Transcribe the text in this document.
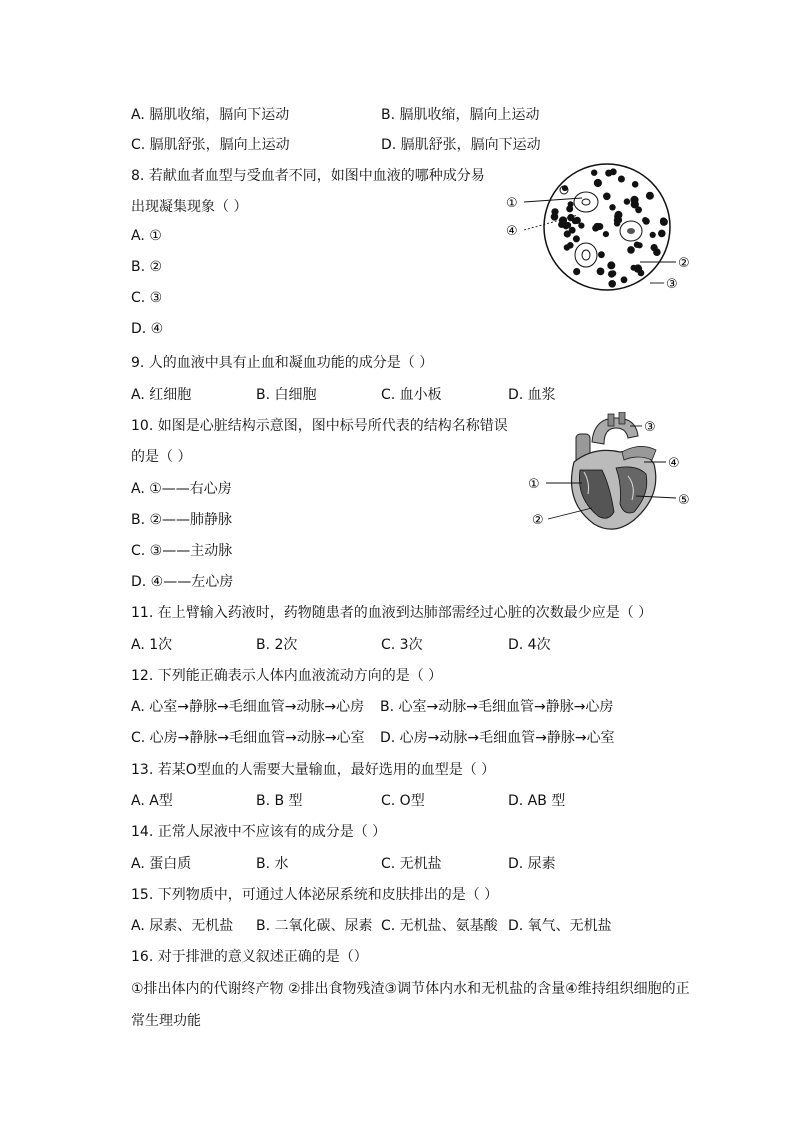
A. 膈肌收缩，膈向下运动	B. 膈肌收缩，膈向上运动
C. 膈肌舒张，膈向上运动	D. 膈肌舒张，膈向下运动
8. 若献血者血型与受血者不同，如图中血液的哪种成分易
出现凝集现象（ ）
A. ①
B. ②
C. ③
D. ④
①
④
②
③
9. 人的血液中具有止血和凝血功能的成分是（ ）
A. 红细胞	B. 白细胞	C. 血小板	D. 血浆
10. 如图是心脏结构示意图，图中标号所代表的结构名称错误
的是（ ）
A. ①——右心房
B. ②——肺静脉
C. ③——主动脉
D. ④——左心房
③
④
①
⑤
②
11. 在上臂输入药液时，药物随患者的血液到达肺部需经过心脏的次数最少应是（ ）
A. 1次	B. 2次	C. 3次	D. 4次
12. 下列能正确表示人体内血液流动方向的是（ ）
A. 心室→静脉→毛细血管→动脉→心房 B. 心室→动脉→毛细血管→静脉→心房
C. 心房→静脉→毛细血管→动脉→心室 D. 心房→动脉→毛细血管→静脉→心室
13. 若某O型血的人需要大量输血，最好选用的血型是（ ）
A. A型	B. B 型	C. O型	D. AB 型
14. 正常人尿液中不应该有的成分是（ ）
A. 蛋白质	B. 水	C. 无机盐	D. 尿素
15. 下列物质中，可通过人体泌尿系统和皮肤排出的是（ ）
A. 尿素、无机盐 B. 二氧化碳、尿素 C. 无机盐、氨基酸 D. 氧气、无机盐
16. 对于排泄的意义叙述正确的是（）
①排出体内的代谢终产物 ②排出食物残渣③调节体内水和无机盐的含量④维持组织细胞的正
常生理功能
